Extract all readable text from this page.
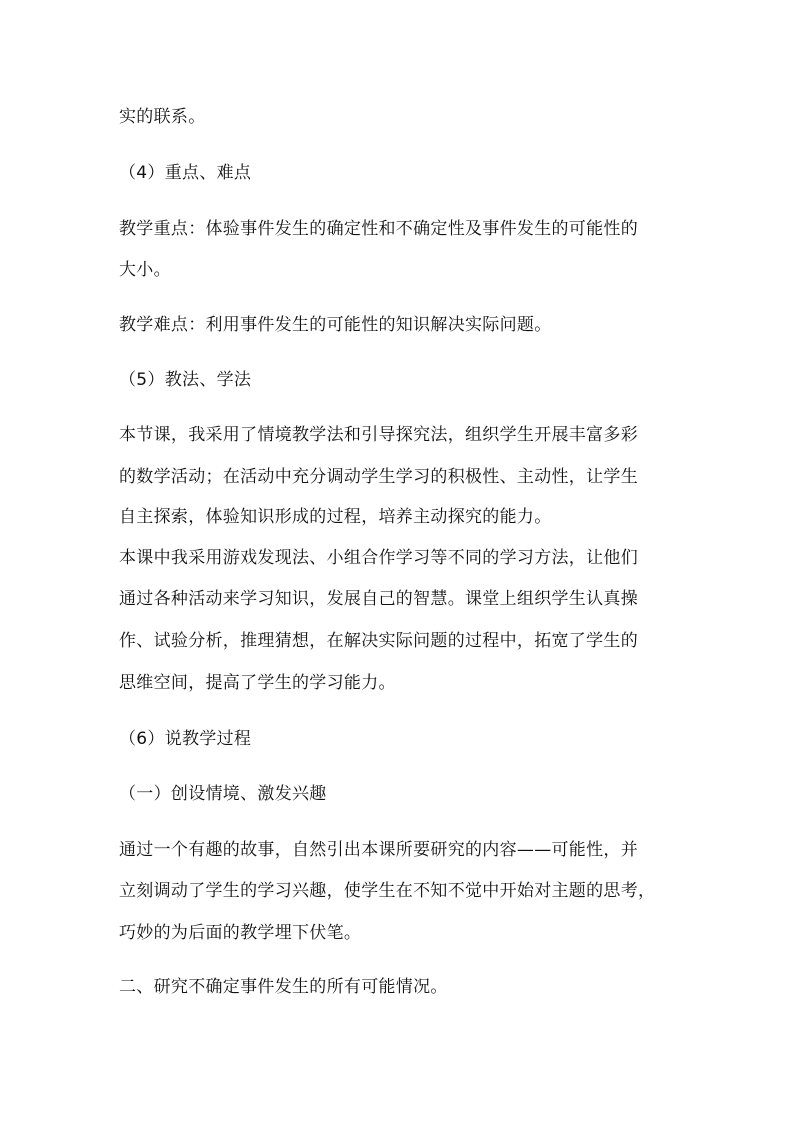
实的联系。
（4）重点、难点
教学重点：体验事件发生的确定性和不确定性及事件发生的可能性的
大小。
教学难点：利用事件发生的可能性的知识解决实际问题。
（5）教法、学法
本节课，我采用了情境教学法和引导探究法，组织学生开展丰富多彩
的数学活动；在活动中充分调动学生学习的积极性、主动性，让学生
自主探索，体验知识形成的过程，培养主动探究的能力。
本课中我采用游戏发现法、小组合作学习等不同的学习方法，让他们
通过各种活动来学习知识，发展自己的智慧。课堂上组织学生认真操
作、试验分析，推理猜想，在解决实际问题的过程中，拓宽了学生的
思维空间，提高了学生的学习能力。
（6）说教学过程
（一）创设情境、激发兴趣
通过一个有趣的故事，自然引出本课所要研究的内容——可能性，并
立刻调动了学生的学习兴趣，使学生在不知不觉中开始对主题的思考，
巧妙的为后面的教学埋下伏笔。
二、研究不确定事件发生的所有可能情况。
